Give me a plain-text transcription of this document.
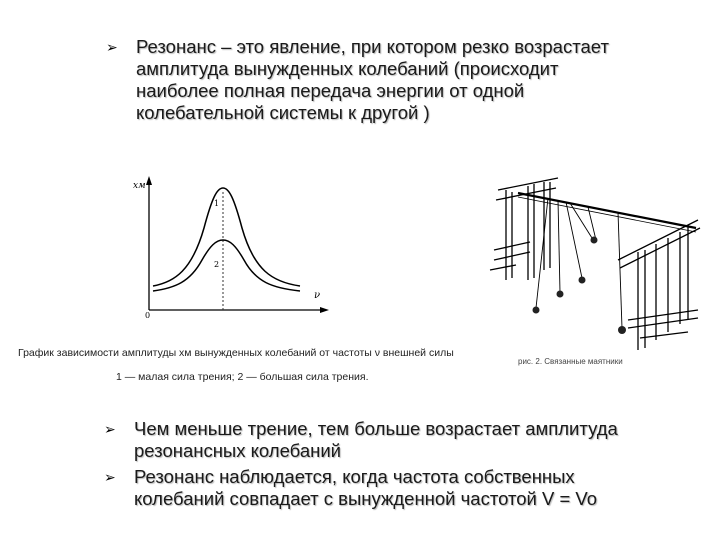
➢ Резонанс – это явление, при котором резко возрастает амплитуда вынужденных колебаний (происходит наиболее полная передача энергии от одной колебательной системы к другой )
xм
ν
0
1
2
График зависимости амплитуды xм вынужденных колебаний от частоты ν внешней силы
1 — малая сила трения; 2 — большая сила трения.
рис. 2. Связанные маятники
➢ Чем меньше трение, тем больше возрастает амплитуда резонансных колебаний
➢ Резонанс наблюдается, когда частота собственных колебаний совпадает с вынужденной частотой V = Vo
